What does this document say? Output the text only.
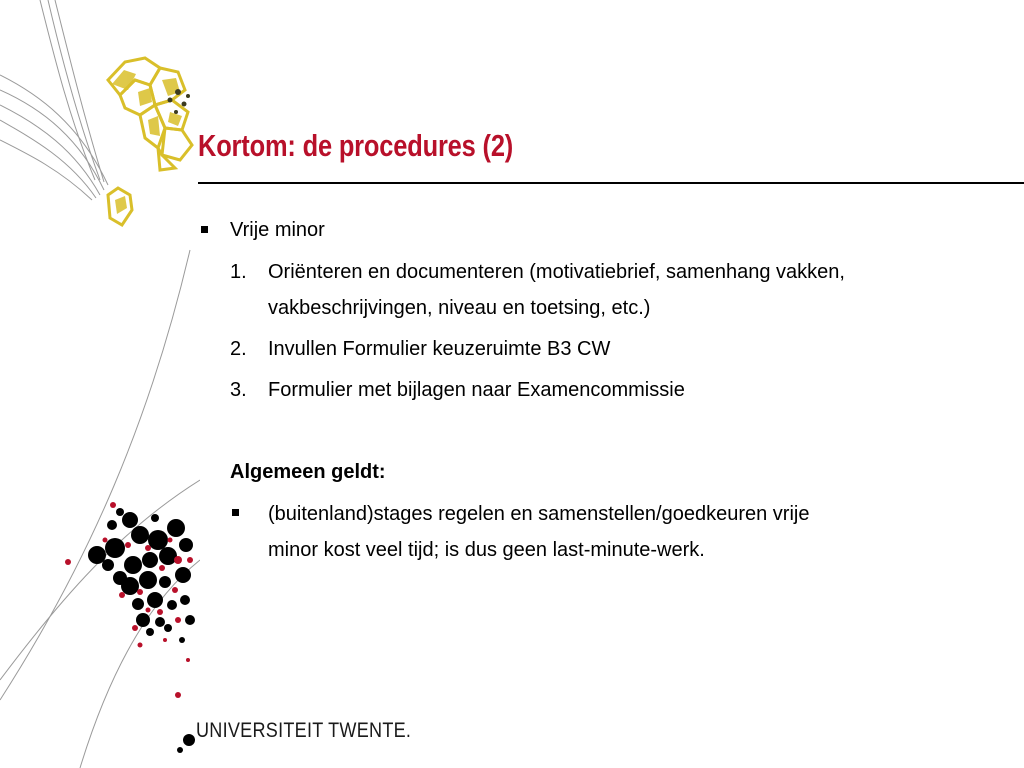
Kortom: de procedures (2)
Vrije minor
1. Oriënteren en documenteren (motivatiebrief, samenhang vakken,
vakbeschrijvingen, niveau en toetsing, etc.)
2. Invullen Formulier keuzeruimte B3 CW
3. Formulier met bijlagen naar Examencommissie
Algemeen geldt:
(buitenland)stages regelen en samenstellen/goedkeuren vrije
minor kost veel tijd; is dus geen last-minute-werk.
UNIVERSITEIT TWENTE.
